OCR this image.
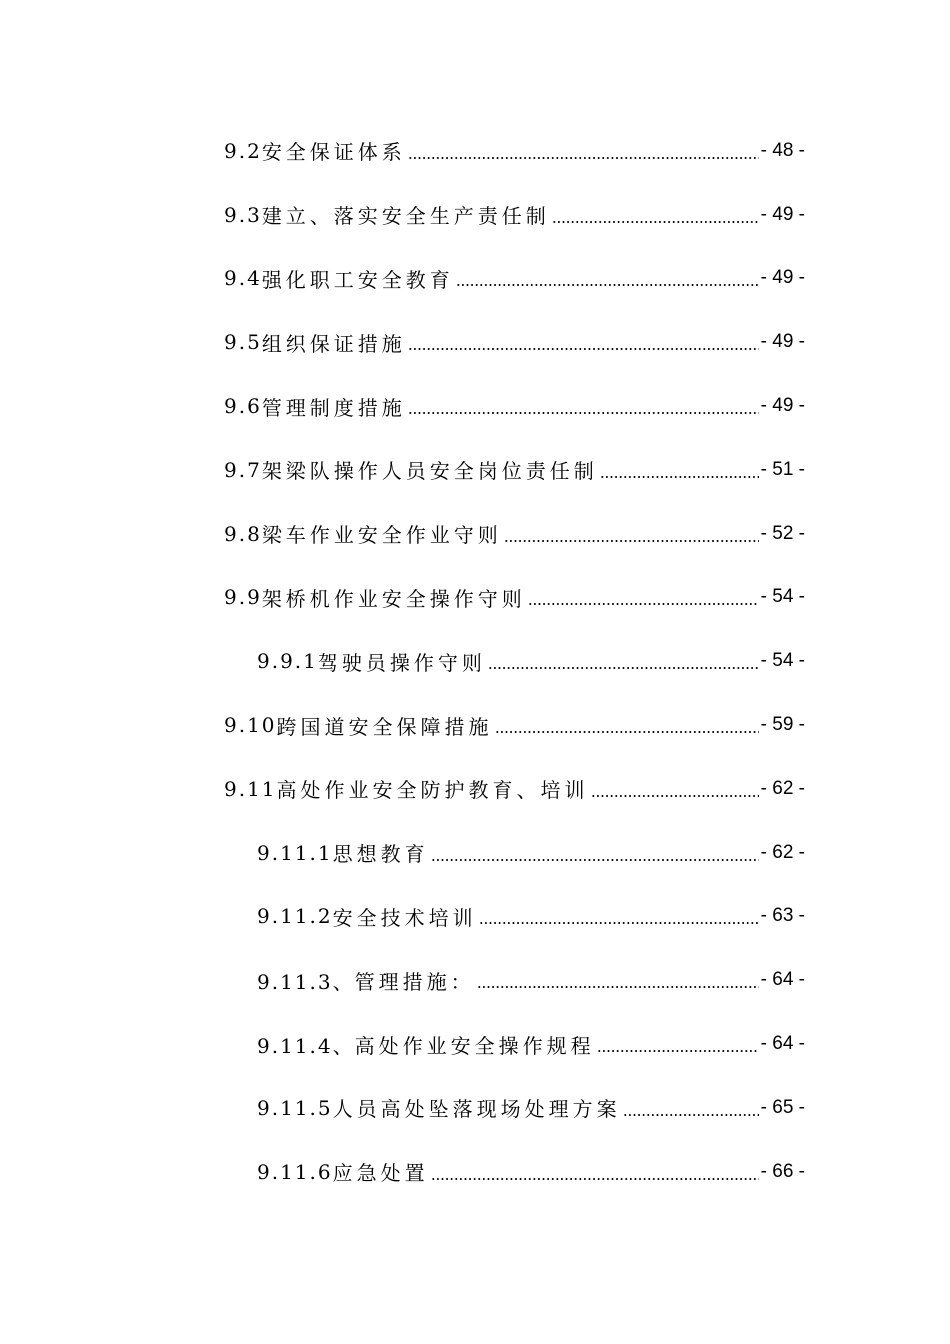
9.2 安全保证体系	- 48 -
9.3 建立、落实安全生产责任制	- 49 -
9.4 强化职工安全教育	- 49 -
9.5 组织保证措施	- 49 -
9.6 管理制度措施	- 49 -
9.7 架梁队操作人员安全岗位责任制	- 51 -
9.8 梁车作业安全作业守则	- 52 -
9.9 架桥机作业安全操作守则	- 54 -
9.9.1 驾驶员操作守则	- 54 -
9.10 跨国道安全保障措施	- 59 -
9.11 高处作业安全防护教育、培训	- 62 -
9.11.1 思想教育	- 62 -
9.11.2 安全技术培训	- 63 -
9.11.3、 管理措施：	- 64 -
9.11.4、 高处作业安全操作规程	- 64 -
9.11.5 人员高处坠落现场处理方案	- 65 -
9.11.6 应急处置	- 66 -
